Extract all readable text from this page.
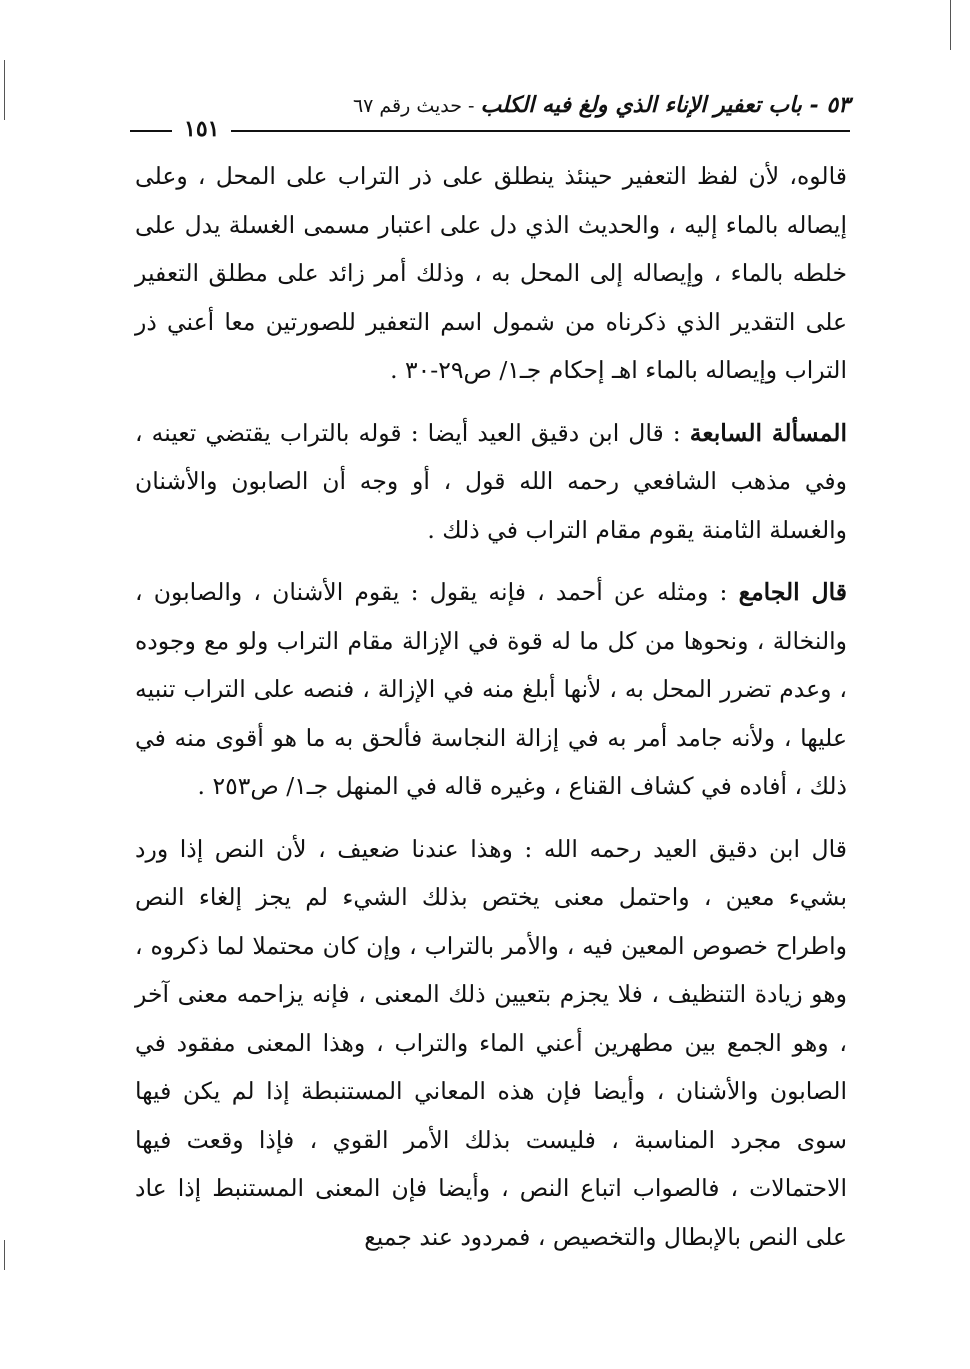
٥٣ - باب تعفير الإناء الذي ولغ فيه الكلب - حديث رقم ٦٧
١٥١

قالوه، لأن لفظ التعفير حينئذ ينطلق على ذر التراب على المحل ، وعلى إيصاله بالماء إليه ، والحديث الذي دل على اعتبار مسمى الغسلة يدل على خلطه بالماء ، وإيصاله إلى المحل به ، وذلك أمر زائد على مطلق التعفير على التقدير الذي ذكرناه من شمول اسم التعفير للصورتين معا أعني ذر التراب وإيصاله بالماء اهـ إحكام جـ١/ ص٢٩-٣٠ .

المسألة السابعة : قال ابن دقيق العيد أيضا : قوله بالتراب يقتضي تعينه ، وفي مذهب الشافعي رحمه الله قول ، أو وجه أن الصابون والأشنان والغسلة الثامنة يقوم مقام التراب في ذلك .

قال الجامع : ومثله عن أحمد ، فإنه يقول : يقوم الأشنان ، والصابون ، والنخالة ، ونحوها من كل ما له قوة في الإزالة مقام التراب ولو مع وجوده ، وعدم تضرر المحل به ، لأنها أبلغ منه في الإزالة ، فنصه على التراب تنبيه عليها ، ولأنه جامد أمر به في إزالة النجاسة فألحق به ما هو أقوى منه في ذلك ، أفاده في كشاف القناع ، وغيره قاله في المنهل جـ١/ ص٢٥٣ .

قال ابن دقيق العيد رحمه الله : وهذا عندنا ضعيف ، لأن النص إذا ورد بشيء معين ، واحتمل معنى يختص بذلك الشيء لم يجز إلغاء النص واطراح خصوص المعين فيه ، والأمر بالتراب ، وإن كان محتملا لما ذكروه ، وهو زيادة التنظيف ، فلا يجزم بتعيين ذلك المعنى ، فإنه يزاحمه معنى آخر ، وهو الجمع بين مطهرين أعني الماء والتراب ، وهذا المعنى مفقود في الصابون والأشنان ، وأيضا فإن هذه المعاني المستنبطة إذا لم يكن فيها سوى مجرد المناسبة ، فليست بذلك الأمر القوي ، فإذا وقعت فيها الاحتمالات ، فالصواب اتباع النص ، وأيضا فإن المعنى المستنبط إذا عاد على النص بالإبطال والتخصيص ، فمردود عند جميع
